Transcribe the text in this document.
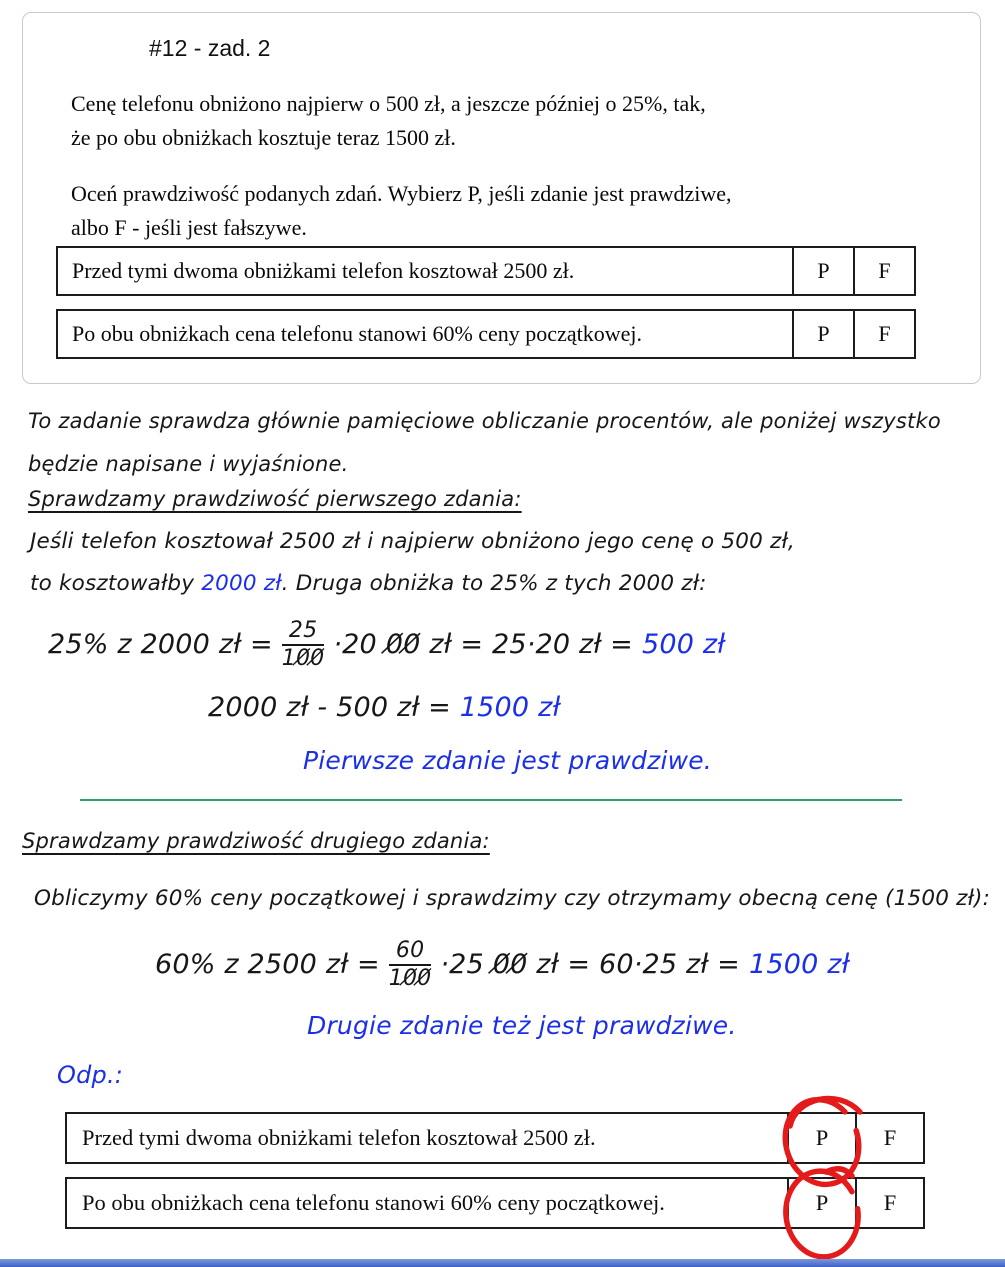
#12 - zad. 2
Cenę telefonu obniżono najpierw o 500 zł, a jeszcze później o 25%, tak,
że po obu obniżkach kosztuje teraz 1500 zł.
Oceń prawdziwość podanych zdań. Wybierz P, jeśli zdanie jest prawdziwe,
albo F - jeśli jest fałszywe.
Przed tymi dwoma obniżkami telefon kosztował 2500 zł.	P	F
Po obu obniżkach cena telefonu stanowi 60% ceny początkowej.	P	F
To zadanie sprawdza głównie pamięciowe obliczanie procentów, ale poniżej wszystko
będzie napisane i wyjaśnione.
Sprawdzamy prawdziwość pierwszego zdania:
Jeśli telefon kosztował 2500 zł i najpierw obniżono jego cenę o 500 zł,
to kosztowałby 2000 zł. Druga obniżka to 25% z tych 2000 zł:
25% z 2000 zł = $\frac{25}{10̸0̸} \cdot 20$ 0̸0̸ zł = 25·20 zł = 500 zł
2000 zł - 500 zł = 1500 zł
Pierwsze zdanie jest prawdziwe.
Sprawdzamy prawdziwość drugiego zdania:
Obliczymy 60% ceny początkowej i sprawdzimy czy otrzymamy obecną cenę (1500 zł):
60% z 2500 zł = $\frac{60}{10̸0̸} \cdot 25$ 0̸0̸ zł = 60·25 zł = 1500 zł
Drugie zdanie też jest prawdziwe.
Odp.:
Przed tymi dwoma obniżkami telefon kosztował 2500 zł.	P	F
Po obu obniżkach cena telefonu stanowi 60% ceny początkowej.	P	F
